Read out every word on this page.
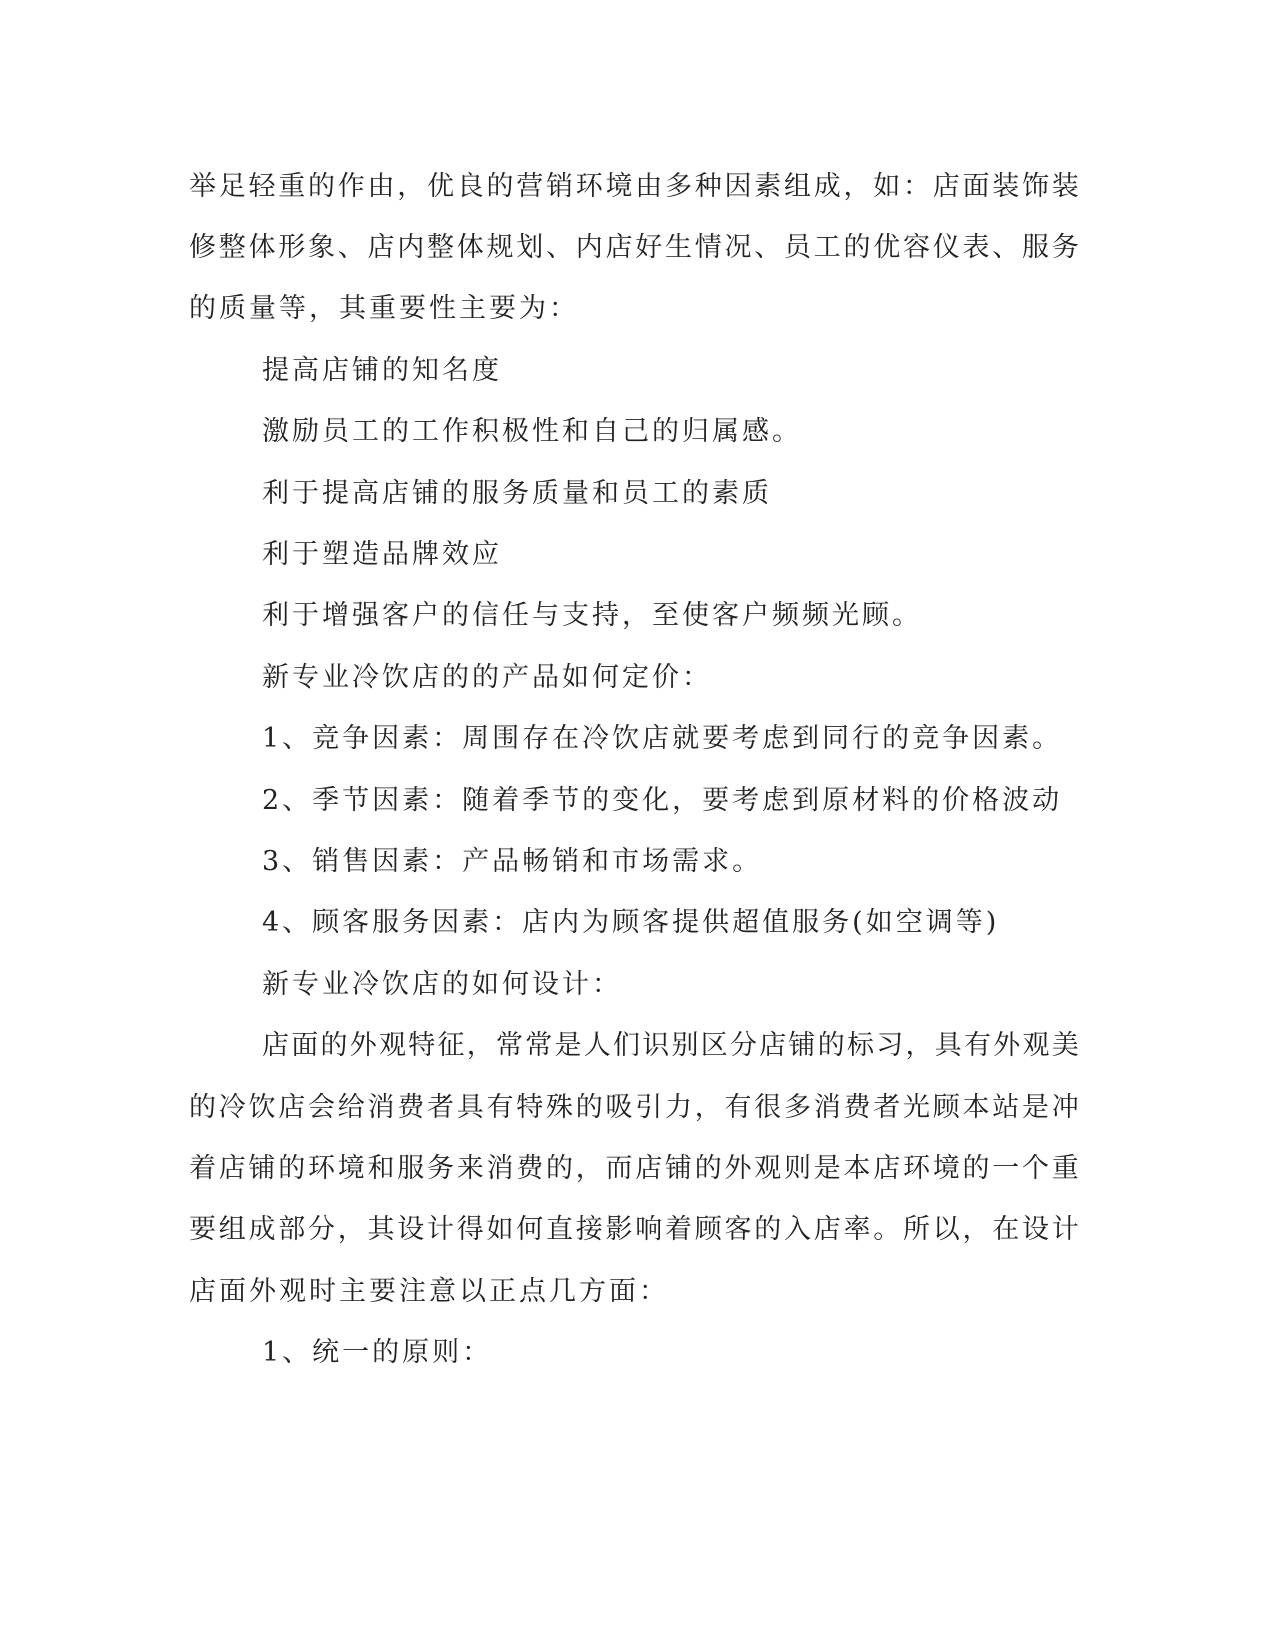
举足轻重的作由，优良的营销环境由多种因素组成，如：店面装饰装
修整体形象、店内整体规划、内店好生情况、员工的优容仪表、服务
的质量等，其重要性主要为：
提高店铺的知名度
激励员工的工作积极性和自己的归属感。
利于提高店铺的服务质量和员工的素质
利于塑造品牌效应
利于增强客户的信任与支持，至使客户频频光顾。
新专业冷饮店的的产品如何定价：
1、竞争因素：周围存在冷饮店就要考虑到同行的竞争因素。
2、季节因素：随着季节的变化，要考虑到原材料的价格波动
3、销售因素：产品畅销和市场需求。
4、顾客服务因素：店内为顾客提供超值服务(如空调等)
新专业冷饮店的如何设计：
店面的外观特征，常常是人们识别区分店铺的标习，具有外观美
的冷饮店会给消费者具有特殊的吸引力，有很多消费者光顾本站是冲
着店铺的环境和服务来消费的，而店铺的外观则是本店环境的一个重
要组成部分，其设计得如何直接影响着顾客的入店率。所以，在设计
店面外观时主要注意以正点几方面：
1、统一的原则：
